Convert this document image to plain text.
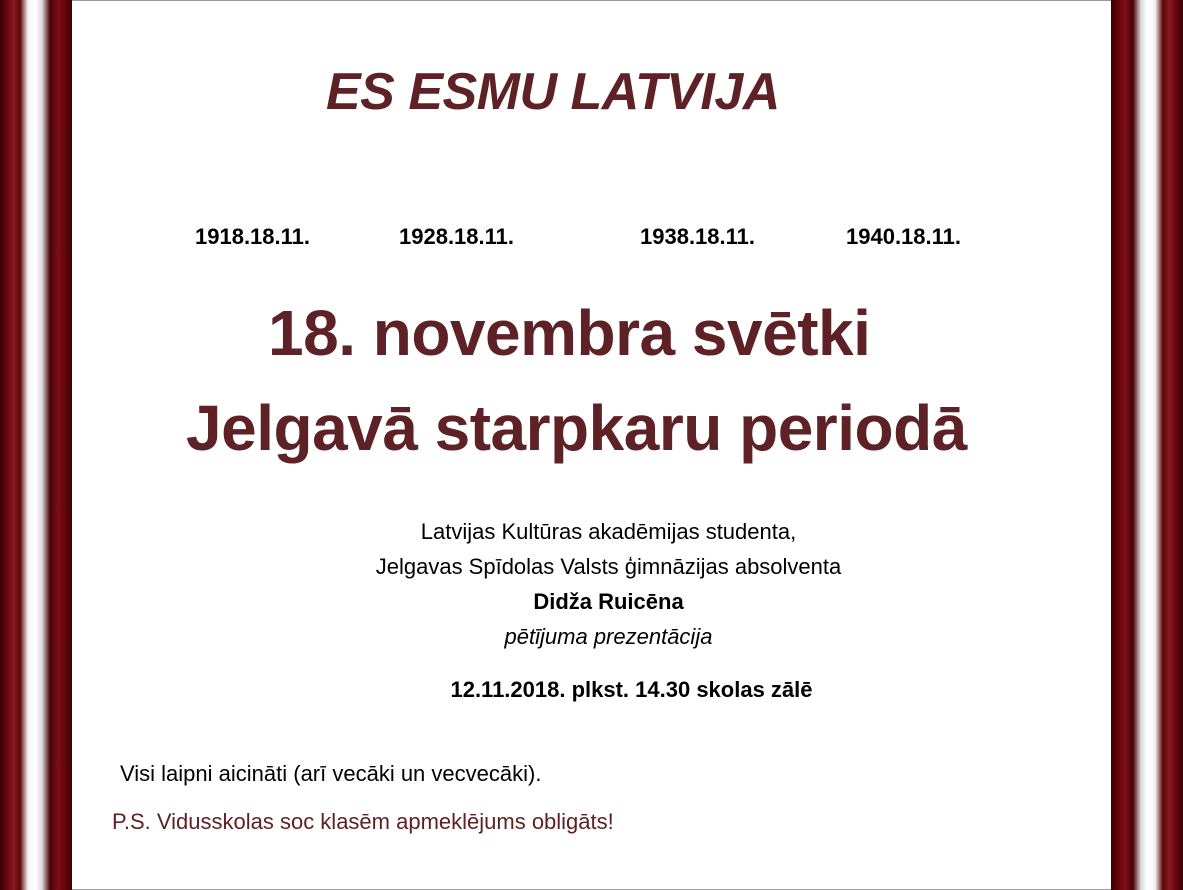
ES ESMU LATVIJA
1918.18.11.	1928.18.11.	1938.18.11.	1940.18.11.
18. novembra svētki
Jelgavā starpkaru periodā
Latvijas Kultūras akadēmijas studenta,
Jelgavas Spīdolas Valsts ģimnāzijas absolventa
Didža Ruicēna
pētījuma prezentācija
12.11.2018. plkst. 14.30 skolas zālē
Visi laipni aicināti (arī vecāki un vecvecāki).
P.S. Vidusskolas soc klasēm apmeklējums obligāts!
